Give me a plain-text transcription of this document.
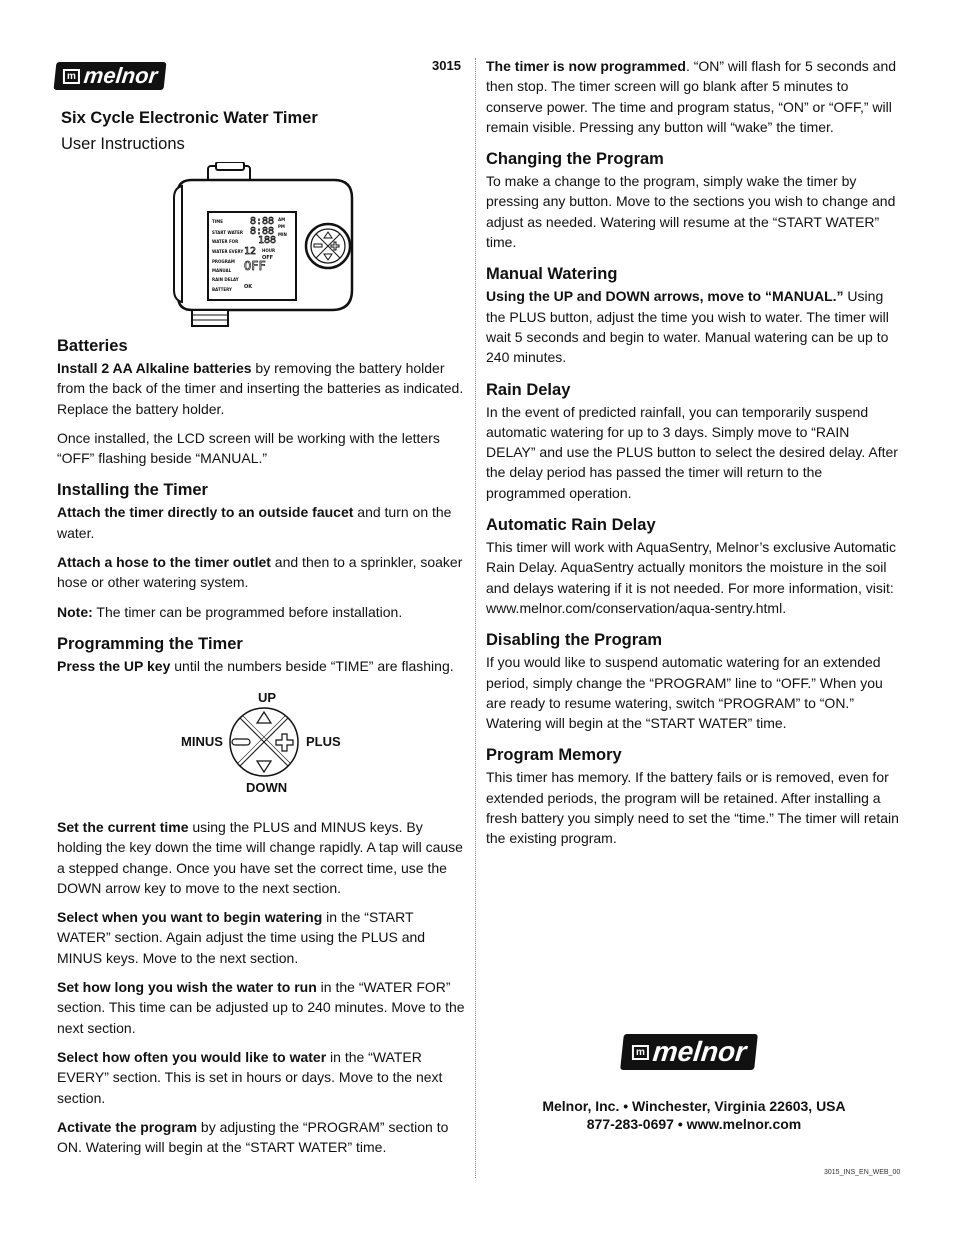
m melnor	3015
Six Cycle Electronic Water Timer
User Instructions
TIME
START WATER
WATER FOR
WATER EVERY
PROGRAM
MANUAL
RAIN DELAY
BATTERY
8:88
8:88
188
12
OFF
AM
PM
MIN
HOUR
OFF
OK
Batteries

Install 2 AA Alkaline batteries by removing the battery holder from the back of the timer and inserting the batteries as indicated. Replace the battery holder.

Once installed, the LCD screen will be working with the letters “OFF” flashing beside “MANUAL.”

Installing the Timer

Attach the timer directly to an outside faucet and turn on the water.

Attach a hose to the timer outlet and then to a sprinkler, soaker hose or other watering system.

Note: The timer can be programmed before installation.

Programming the Timer

Press the UP key until the numbers beside “TIME” are flashing.

UP
MINUS	PLUS
DOWN

Set the current time using the PLUS and MINUS keys. By holding the key down the time will change rapidly. A tap will cause a stepped change. Once you have set the correct time, use the DOWN arrow key to move to the next section.

Select when you want to begin watering in the “START WATER” section. Again adjust the time using the PLUS and MINUS keys. Move to the next section.

Set how long you wish the water to run in the “WATER FOR” section. This time can be adjusted up to 240 minutes. Move to the next section.

Select how often you would like to water in the “WATER EVERY” section. This is set in hours or days. Move to the next section.

Activate the program by adjusting the “PROGRAM” section to ON. Watering will begin at the “START WATER” time.

The timer is now programmed. “ON” will flash for 5 seconds and then stop. The timer screen will go blank after 5 minutes to conserve power. The time and program status, “ON” or “OFF,” will remain visible. Pressing any button will “wake” the timer.

Changing the Program

To make a change to the program, simply wake the timer by pressing any button. Move to the sections you wish to change and adjust as needed. Watering will resume at the “START WATER” time.

Manual Watering

Using the UP and DOWN arrows, move to “MANUAL.” Using the PLUS button, adjust the time you wish to water. The timer will wait 5 seconds and begin to water. Manual watering can be up to 240 minutes.

Rain Delay

In the event of predicted rainfall, you can temporarily suspend automatic watering for up to 3 days. Simply move to “RAIN DELAY” and use the PLUS button to select the desired delay. After the delay period has passed the timer will return to the programmed operation.

Automatic Rain Delay

This timer will work with AquaSentry, Melnor’s exclusive Automatic Rain Delay. AquaSentry actually monitors the moisture in the soil and delays watering if it is not needed. For more information, visit: www.melnor.com/conservation/aqua-sentry.html.

Disabling the Program

If you would like to suspend automatic watering for an extended period, simply change the “PROGRAM” line to “OFF.” When you are ready to resume watering, switch “PROGRAM” to “ON.” Watering will begin at the “START WATER” time.

Program Memory

This timer has memory. If the battery fails or is removed, even for extended periods, the program will be retained. After installing a fresh battery you simply need to set the “time.” The timer will retain the existing program.

m melnor
Melnor, Inc. • Winchester, Virginia 22603, USA
877-283-0697 • www.melnor.com
3015_INS_EN_WEB_00
